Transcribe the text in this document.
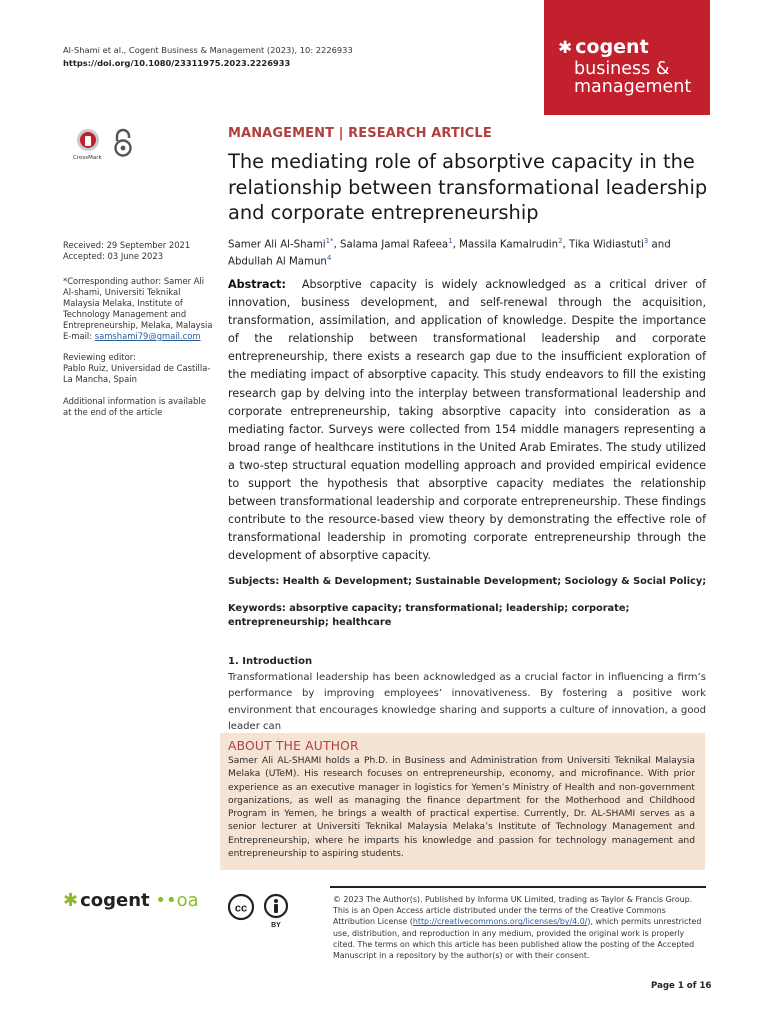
Al-Shami et al., Cogent Business & Management (2023), 10: 2226933
https://doi.org/10.1080/23311975.2023.2226933
✱ cogent
business &
management
CrossMark
Received: 29 September 2021
Accepted: 03 June 2023
*Corresponding author: Samer Ali Al-shami, Universiti Teknikal Malaysia Melaka, Institute of Technology Management and Entrepreneurship, Melaka, Malaysia
E-mail: samshami79@gmail.com
Reviewing editor:
Pablo Ruiz, Universidad de Castilla-La Mancha, Spain
Additional information is available at the end of the article
MANAGEMENT | RESEARCH ARTICLE
The mediating role of absorptive capacity in the relationship between transformational leadership and corporate entrepreneurship
Samer Ali Al-Shami$^{1*}$, Salama Jamal Rafeea$^1$, Massila Kamalrudin$^2$, Tika Widiastuti$^3$ and Abdullah Al Mamun$^4$
Abstract: Absorptive capacity is widely acknowledged as a critical driver of innovation, business development, and self-renewal through the acquisition, transformation, assimilation, and application of knowledge. Despite the importance of the relationship between transformational leadership and corporate entrepreneurship, there exists a research gap due to the insufficient exploration of the mediating impact of absorptive capacity. This study endeavors to fill the existing research gap by delving into the interplay between transformational leadership and corporate entrepreneurship, taking absorptive capacity into consideration as a mediating factor. Surveys were collected from 154 middle managers representing a broad range of healthcare institutions in the United Arab Emirates. The study utilized a two-step structural equation modelling approach and provided empirical evidence to support the hypothesis that absorptive capacity mediates the relationship between transformational leadership and corporate entrepreneurship. These findings contribute to the resource-based view theory by demonstrating the effective role of transformational leadership in promoting corporate entrepreneurship through the development of absorptive capacity.
Subjects: Health & Development; Sustainable Development; Sociology & Social Policy;
Keywords: absorptive capacity; transformational; leadership; corporate; entrepreneurship; healthcare
1. Introduction
Transformational leadership has been acknowledged as a crucial factor in influencing a firm’s performance by improving employees’ innovativeness. By fostering a positive work environment that encourages knowledge sharing and supports a culture of innovation, a good leader can
ABOUT THE AUTHOR
Samer Ali AL-SHAMI holds a Ph.D. in Business and Administration from Universiti Teknikal Malaysia Melaka (UTeM). His research focuses on entrepreneurship, economy, and microfinance. With prior experience as an executive manager in logistics for Yemen’s Ministry of Health and non-government organizations, as well as managing the finance department for the Motherhood and Childhood Program in Yemen, he brings a wealth of practical expertise. Currently, Dr. AL-SHAMI serves as a senior lecturer at Universiti Teknikal Malaysia Melaka’s Institute of Technology Management and Entrepreneurship, where he imparts his knowledge and passion for technology management and entrepreneurship to aspiring students.
✱ cogent ••oa	cc
BY
© 2023 The Author(s). Published by Informa UK Limited, trading as Taylor & Francis Group.
This is an Open Access article distributed under the terms of the Creative Commons Attribution License (http://creativecommons.org/licenses/by/4.0/), which permits unrestricted use, distribution, and reproduction in any medium, provided the original work is properly cited. The terms on which this article has been published allow the posting of the Accepted Manuscript in a repository by the author(s) or with their consent.
Page 1 of 16
